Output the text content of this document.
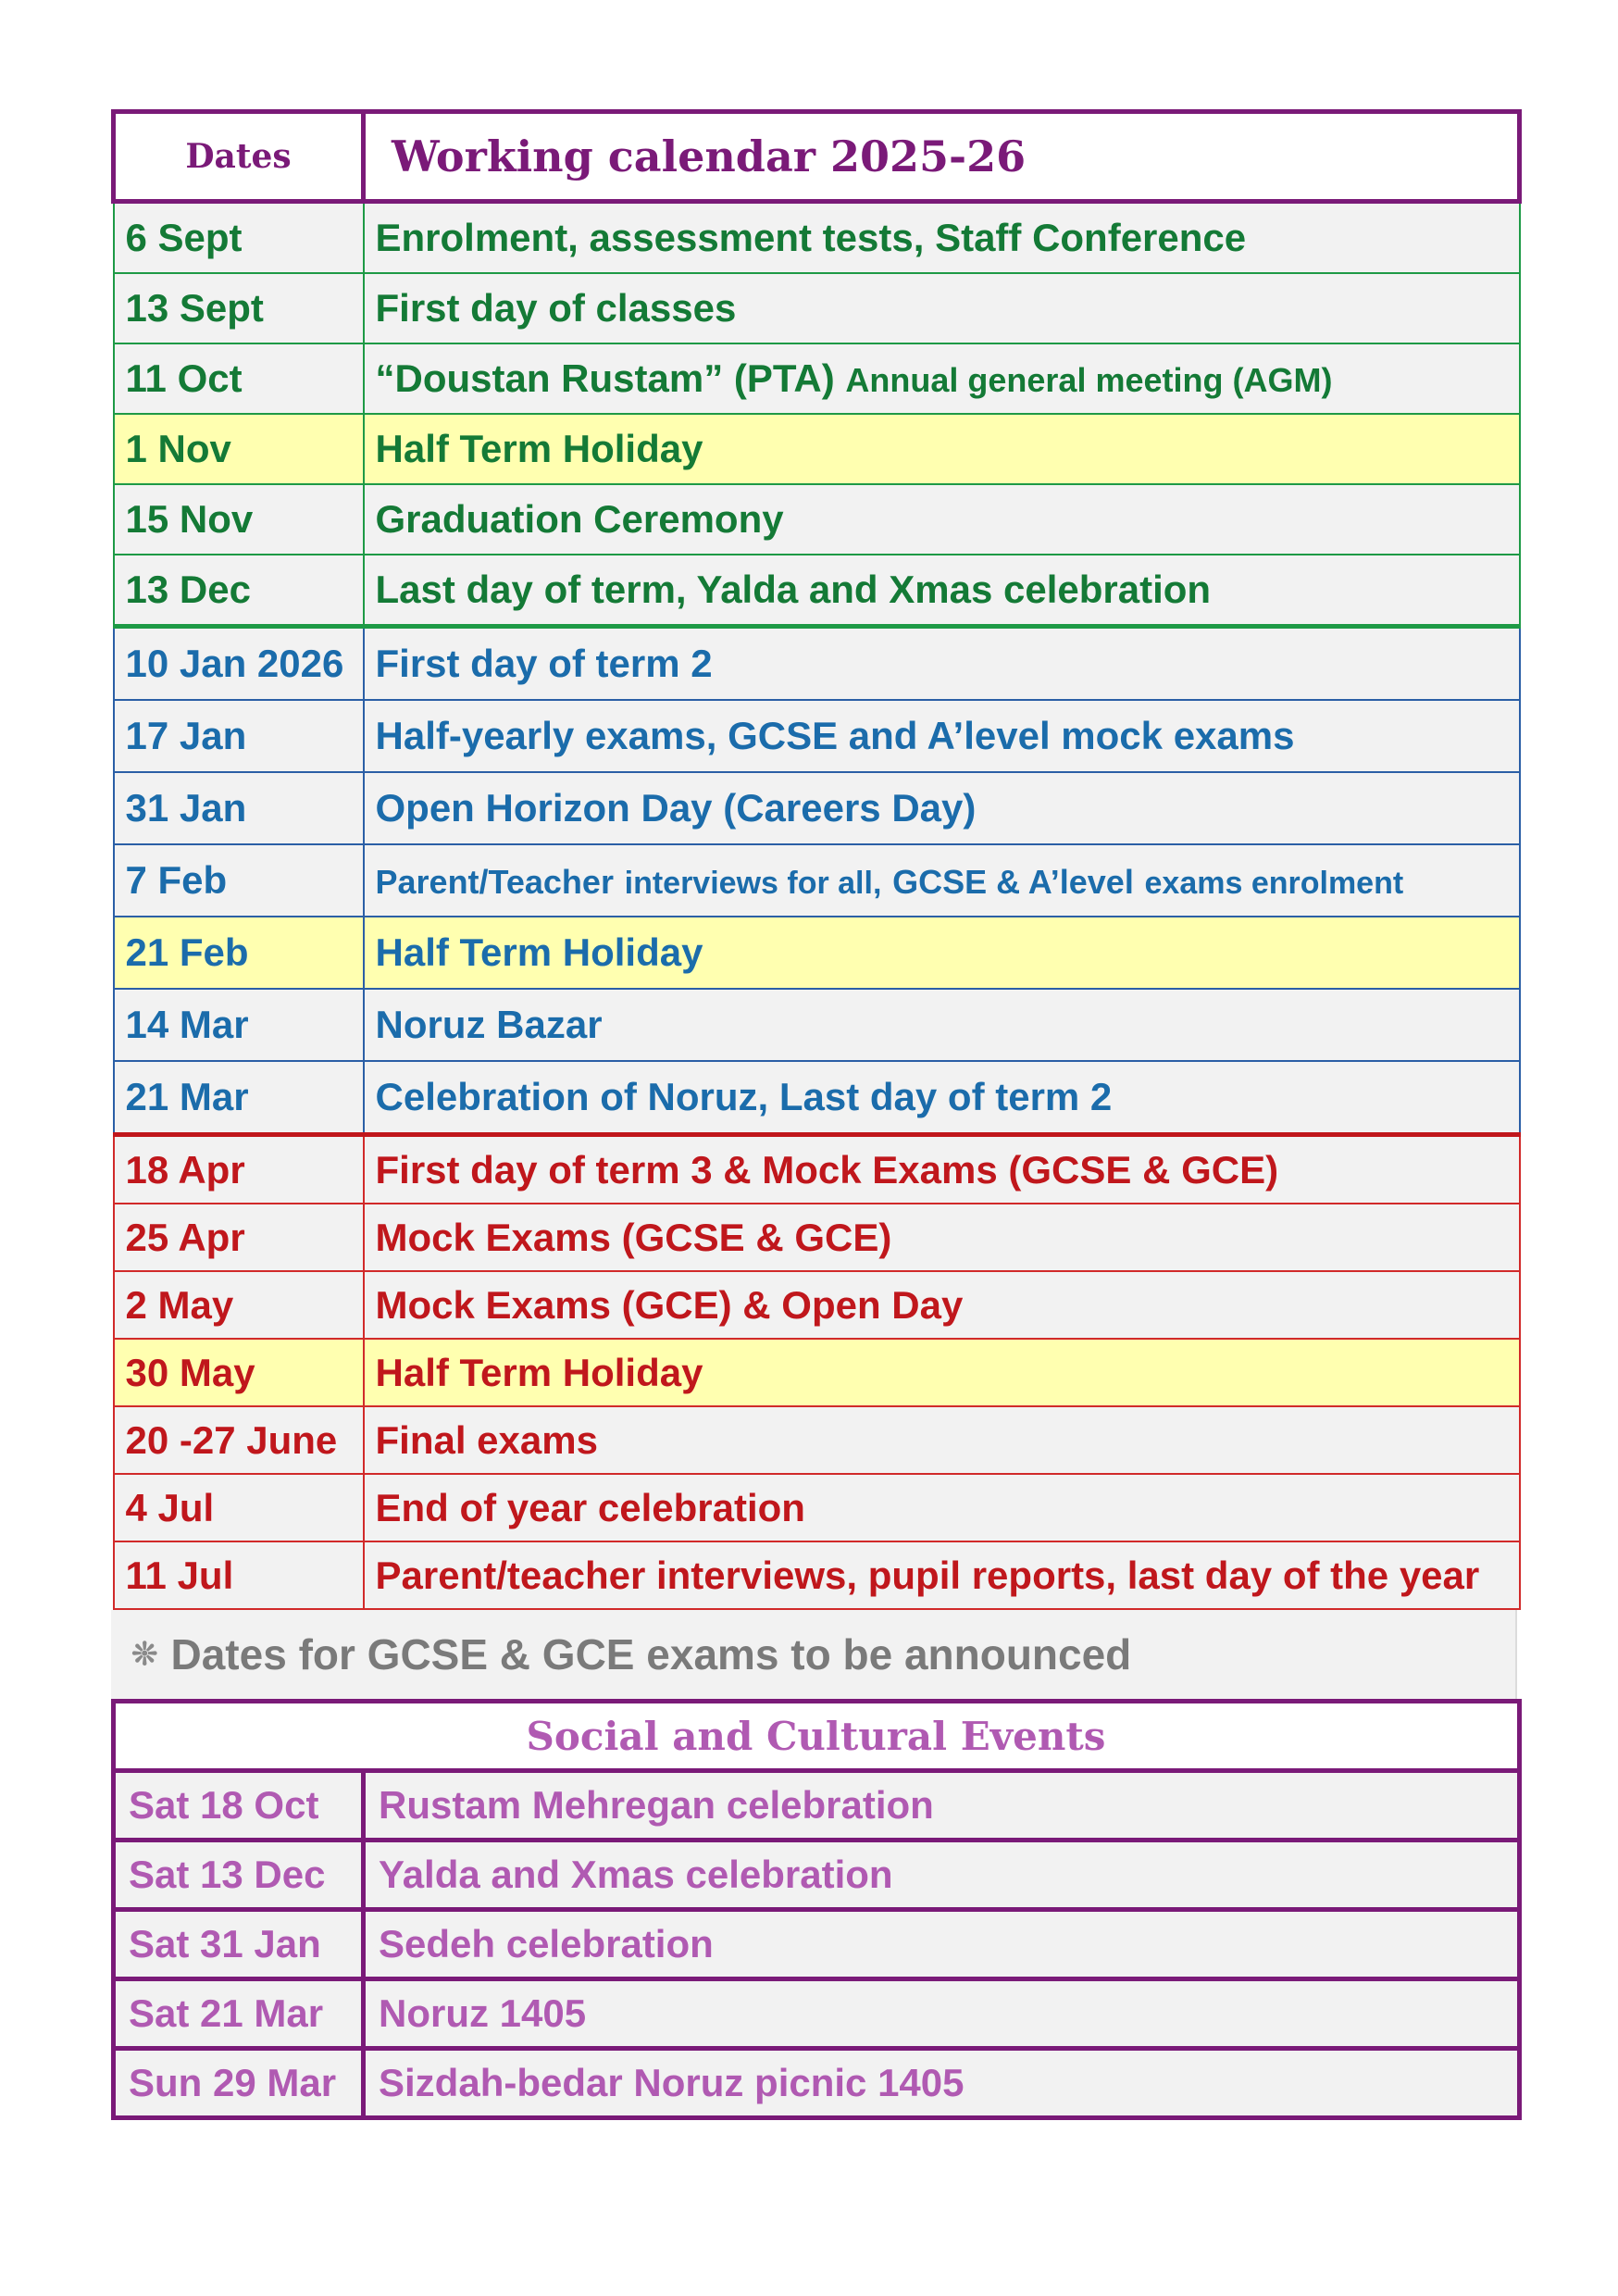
Dates	Working calendar 2025-26
6 Sept	Enrolment, assessment tests, Staff Conference
13 Sept	First day of classes
11 Oct	“Doustan Rustam” (PTA) Annual general meeting (AGM)
1 Nov	Half Term Holiday
15 Nov	Graduation Ceremony
13 Dec	Last day of term, Yalda and Xmas celebration
10 Jan 2026	First day of term 2
17 Jan	Half-yearly exams, GCSE and A’level mock exams
31 Jan	Open Horizon Day (Careers Day)
7 Feb	Parent/Teacher interviews for all, GCSE & A’level exams enrolment
21 Feb	Half Term Holiday
14 Mar	Noruz Bazar
21 Mar	Celebration of Noruz, Last day of term 2
18 Apr	First day of term 3 & Mock Exams (GCSE & GCE)
25 Apr	Mock Exams (GCSE & GCE)
2 May	Mock Exams (GCE) & Open Day
30 May	Half Term Holiday
20 -27 June	Final exams
4 Jul	End of year celebration
11 Jul	Parent/teacher interviews, pupil reports, last day of the year
❊ Dates for GCSE & GCE exams to be announced
Social and Cultural Events	
Sat 18 Oct	Rustam Mehregan celebration
Sat 13 Dec	Yalda and Xmas celebration
Sat 31 Jan	Sedeh celebration
Sat 21 Mar	Noruz 1405
Sun 29 Mar	Sizdah-bedar Noruz picnic 1405
